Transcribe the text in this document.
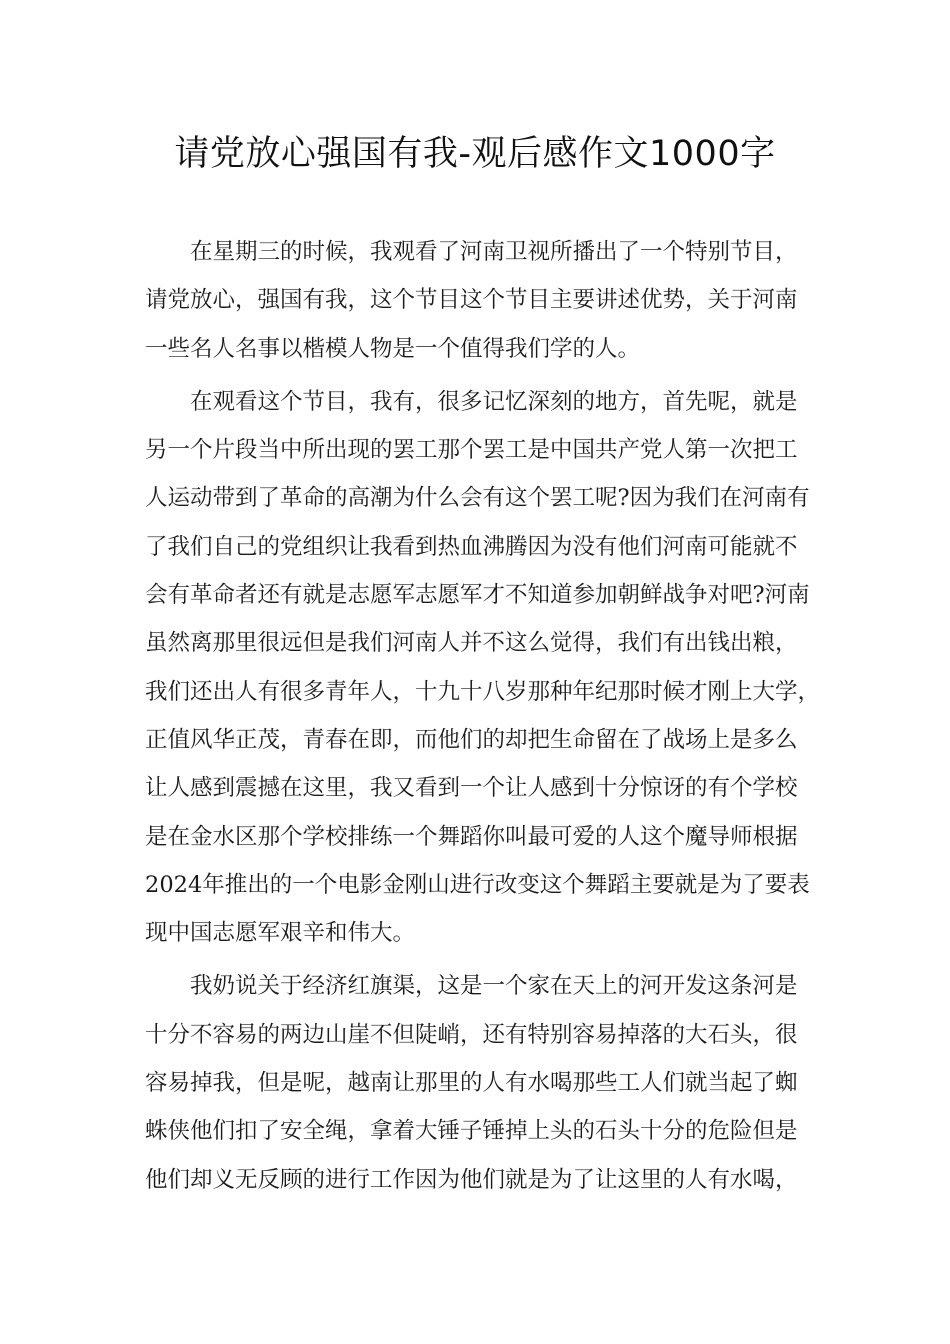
请党放心强国有我-观后感作文1000字
在星期三的时候，我观看了河南卫视所播出了一个特别节目，
请党放心，强国有我，这个节目这个节目主要讲述优势，关于河南
一些名人名事以楷模人物是一个值得我们学的人。
在观看这个节目，我有，很多记忆深刻的地方，首先呢，就是
另一个片段当中所出现的罢工那个罢工是中国共产党人第一次把工
人运动带到了革命的高潮为什么会有这个罢工呢?因为我们在河南有
了我们自己的党组织让我看到热血沸腾因为没有他们河南可能就不
会有革命者还有就是志愿军志愿军才不知道参加朝鲜战争对吧?河南
虽然离那里很远但是我们河南人并不这么觉得，我们有出钱出粮，
我们还出人有很多青年人，十九十八岁那种年纪那时候才刚上大学，
正值风华正茂，青春在即，而他们的却把生命留在了战场上是多么
让人感到震撼在这里，我又看到一个让人感到十分惊讶的有个学校
是在金水区那个学校排练一个舞蹈你叫最可爱的人这个魔导师根据
2024年推出的一个电影金刚山进行改变这个舞蹈主要就是为了要表
现中国志愿军艰辛和伟大。
我奶说关于经济红旗渠，这是一个家在天上的河开发这条河是
十分不容易的两边山崖不但陡峭，还有特别容易掉落的大石头，很
容易掉我，但是呢，越南让那里的人有水喝那些工人们就当起了蜘
蛛侠他们扣了安全绳，拿着大锤子锤掉上头的石头十分的危险但是
他们却义无反顾的进行工作因为他们就是为了让这里的人有水喝，
